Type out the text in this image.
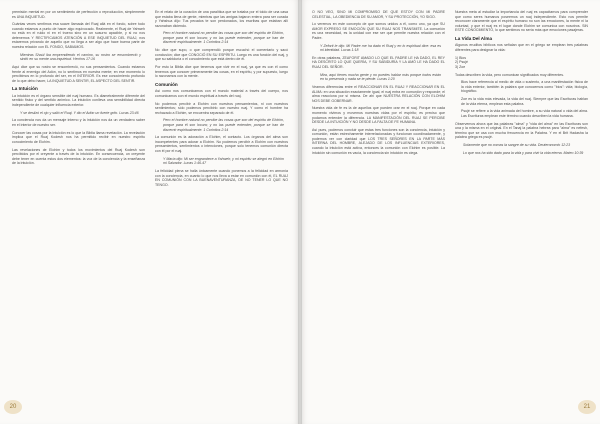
premisión mental en por un sentimiento de perfección o reproducción, simplemente es UNA INQUIETUD.

Cuántas veces sentimos esa suave llamada del Ruaj allá en el fondo, sobre todo cuando estamos a punto de hacer algo equivocado. Realmente, el Ruaj de Yahweh no está en el ruido ni en el trueno sino en un susurro apacible, y si no nos detenemos Y RECTIFICAMOS ATENCIÓN A ESE INQUIETUD DEL RUAJ, nos estaremos privando de aquello que no llega a ser algo que hace buena parte de nuestra relación con EL FONDO, SABIAMOS.

Mientras Shaúl iba emprendiendo el camino, su rostro se ensombreció y sintió en su mente una inquietud. Hechos 17:16

Aquí dice que su rostro se ensombreció, no sus pensamientos. Cuando estamos frente al enemigo del Adón, no lo sentimos en nuestra mente; en ese momento lo percibimos en lo profundo del ser, en el INTERIOR. Es ese conocimiento profundo de lo que debo hacer, LA INQUIETUD A SENTIR, EL ASPECTO DEL SENTIR.

La Intuición

La intuición es el órgano sensible del ruaj humano. Es diametralmente diferente del sentido físico y del sentido anímico. La intuición conlleva una sensibilidad directa independiente de cualquier influencia exterior.

Y se deslizó el ojo y salió el Ruaj. Y dio el Adón un fuerte grito. Lucas 23:46

La conciencia nos da un mensaje interno y la intuición nos da un verdadero saber en el interior de nuestro ser.

Conocer las cosas por la intuición es lo que la Biblia llama revelación. La revelación implica que el Ruaj Kodesh nos ha permitido recibir en nuestro espíritu conocimiento de Elohim.

Las revelaciones de Elohim y todos los movimientos del Ruaj Kodesh son percibidos por el creyente a través de la intuición. En consecuencia, un creyente debe tener en cuenta estos dos elementos: la voz de la conciencia y la enseñanza de la intuición.

En el relato de la curación de una paralítica que se trataba por el toldo de una casa que estaba llena de gente, mientras que las amigas bajaron entera para ser curada y Yahshua dijo: Tus pecados te son perdonados, los escribas que estaban allí razonaban diciendo.

Pero el hombre natural no percibe las cosas que son del espíritu de Elohim, porque para él son locura; y no las puede entender, porque se han de discernir espiritualmente. 1 Corintios 2:14

No dice que supo, o que comprendió porque escuchó el comentario y sacó conclusión; dice que CONOCIÓ EN SU ESPÍRITU. Luego es una función del ruaj, y que su sabiduría o el conocimiento que está dentro de él.

Por esto la Biblia dice que tenemos que vivir en el ruaj, ya que es con él como tenemos que conocer primeramente las cosas, en el espíritu, y por supuesto, luego lo razonamos con la mente.

Comunión

Así como nos comunicamos con el mundo material a través del cuerpo, nos comunicamos con el mundo espiritual a través del ruaj.

No podemos percibir a Elohim con nuestros pensamientos, ni con nuestros sentimientos; sólo podemos percibirlo con nuestro ruaj. Y como el hombre ha rechazado a Elohim, se encuentra separado de él.

Pero el hombre natural no percibe las cosas que son del espíritu de Elohim, porque para él son locura; y no las puede entender, porque se han de discernir espiritualmente. 1 Corintios 2:14

La comunión es la adoración a Elohim, el contacto. Los órganos del alma son incompetentes para adorar a Elohim. No podemos percibir a Elohim con nuestros pensamientos, sentimientos o intenciones, porque solo tenemos comunión directa con él por el ruaj.

Y María dijo: Mi ser engrandece a Yahweh; y mi espíritu se alegró en Elohim mi Salvador. Lucas 1:46-47

La felicidad plena se halla únicamente cuando ponemos a la felicidad en armonía con la conciencia, en cuanto lo que nos lleva a estar en comunión con él, EL RUAJ EN COMUNIÓN CON LA BUENAVENTURANZA, DE NO TENER LO QUE NO TENGO.

20

O NO VEO, SINO MI COMPROMISO DE QUE ESTOY CON MI PADRE CELESTIAL, LA OBEDIENCIA DE SU AMOR, Y SU PROTECCIÓN, YO SIGO.

Lo veremos en este concepto de que somos unidos a él, como uno, ya que SU AMOR EXPRESO SE EMOCIÓN QUE SU RUAJ NOS TRANSMITE. La comunión es una necesidad, es la unidad con ese ser que permite nuestra relación con el Padre.

Y Zeforit le dijo: Mi Padre me ha dado el Ruaj y en lo espiritual dice: esa es mi identidad. Lucas 1:18

En otras palabras, ZEAFORIT AMADO LO QUE EL PADRE LE HA DADO, EL REY HA DESCRITO LO QUE QUERÍA, Y SU SABIDURÍA Y LA AMÓ LE HA DADO EL RUAJ DEL SEÑOR.

Mira, aquí tienes mucha gente y no puedes hablar más porque todos están en tu presencia y nada se te pierde. Lucas 1:20

Veamos diferencias entre el REACCIONAR EN EL RUAJ Y REACCIONAR EN EL ALMA: en una situación exactamente igual, el ruaj entra en comunión y responde; el alma reacciona por sí misma. De ahí que NUESTRA RELACIÓN CON ELOHIM NOS DEBE GOBERNAR.

Nuestra vida de fe es la de aquellos que pueden orar en el ruaj. Porque en cada momento vivimos y movemos nuestras vidas por el espíritu; es preciso que podamos entender la diferencia. LA MANIFESTACIÓN DEL RUAJ SE PERCIBE DESDE LA INTUICIÓN Y NO DESDE LA FALTA DE FE HUMANA.

Así pues, podemos concluir que estas tres funciones son la conciencia, intuición y comunión, están estrechamente interrelacionadas y funcionan coordinadamente, y podemos ver con claridad que LOS TRES SEÑORES EN LA PARTE MÁS INTERNA DEL HOMBRE, ALEJADO DE LOS INFLUENCIAS EXTERIORES, cuando la intuición está activa, entonces la comunión con Elohim es posible. La intuición sin comunión es vacía, la conciencia sin intuición es ciega.

Nuestra meta al estudiar la importancia del ruaj es capacitarnos para comprender que como seres humanos poseemos un ruaj independiente. Esto nos permite reconocer claramente que el espíritu humano no son las emociones, la mente ni la voluntad, y que el ruaj es el lugar donde Elohim se comunica con nosotros. SIN ESTE CONOCIMIENTO, lo que sentimos no sería más que emociones pasajeras.

La Vida Del Alma

Algunos eruditos bíblicos nos señalan que en el griego se emplean tres palabras diferentes para designar la vida:

1) Bios
2) Psujé
3) Zoe

Todas describen la vida, pero comunican significados muy diferentes.

Bios hace referencia al medio de vida o sustento, a una manifestación física de la vida exterior, también la palabra que conocemos como "bios": vida; biología, biográfico.

Zoe es la vida más elevada, la vida del ruaj. Siempre que las Escrituras hablan de la vida eterna, emplean esta palabra.

Psujé se refiere a la vida animada del hombre, a su vida natural o vida del alma. Las Escrituras emplean este término cuando describen la vida humana.

Observemos ahora que las palabras "alma" y "vida del alma" en las Escrituras son una y la misma en el original. En el Tanaj la palabra hebrea para "alma" es nefesh, término que se usa con mucha frecuencia en la Palabra. Y en el Brit Hadasha la palabra griega es psujé.

Solamente que no comas la sangre de su vida. Deuteronomio 12:23

Lo que nos ha sido dado para la vida y para vivir la vida eterna. Mateo 10:39

21
